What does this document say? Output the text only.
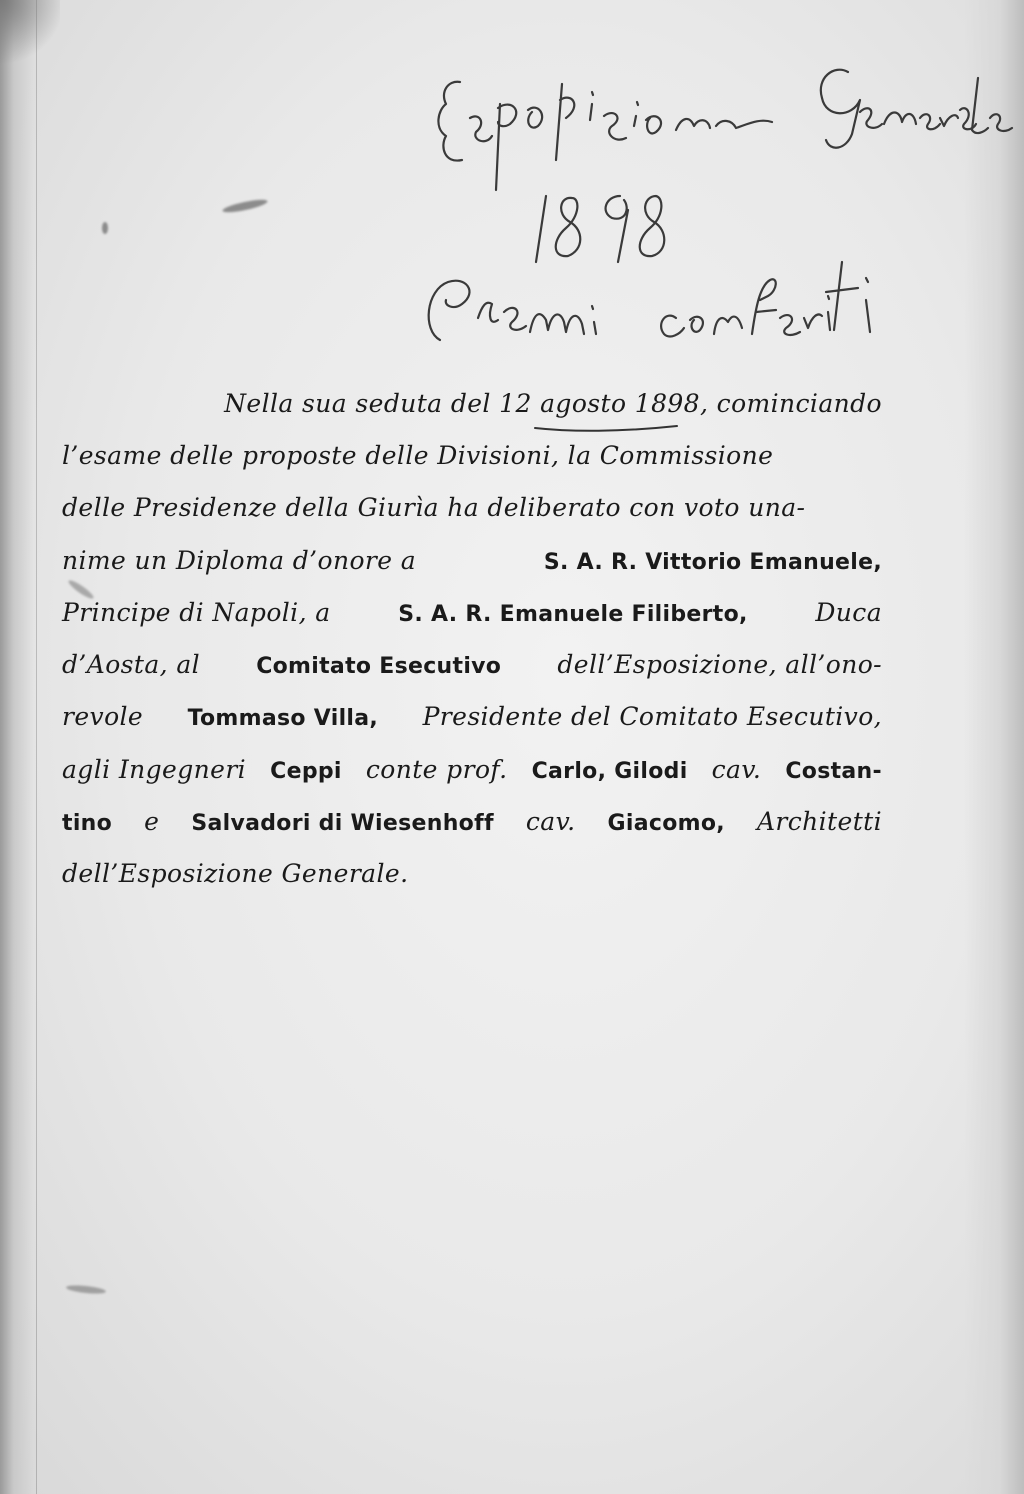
Nella sua seduta del 12 agosto 1898, cominciando
l’esame delle proposte delle Divisioni, la Commissione
delle Presidenze della Giurìa ha deliberato con voto una-
nime un Diploma d’onore a	S. A. R. Vittorio Emanuele,
Principe di Napoli, a	S. A. R. Emanuele Filiberto,	Duca
d’Aosta, al	Comitato Esecutivo dell’Esposizione, all’ono-
revole Tommaso Villa, Presidente del Comitato Esecutivo,
agli Ingegneri Ceppi conte prof. Carlo, Gilodi cav. Costan-
tino e Salvadori di Wiesenhoff cav. Giacomo, Architetti
dell’Esposizione Generale.
